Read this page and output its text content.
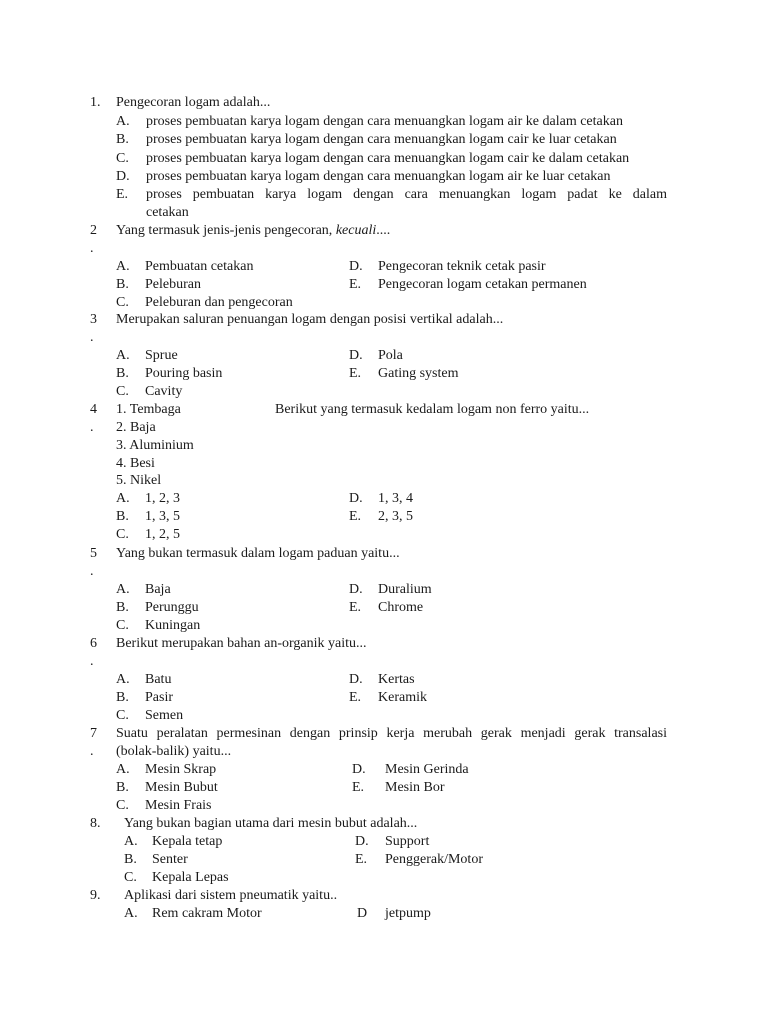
1. Pengecoran logam adalah...
A. proses pembuatan karya logam dengan cara menuangkan logam air ke dalam cetakan
B. proses pembuatan karya logam dengan cara menuangkan logam cair ke luar cetakan
C. proses pembuatan karya logam dengan cara menuangkan logam cair ke dalam cetakan
D. proses pembuatan karya logam dengan cara menuangkan logam air ke luar cetakan
E. proses pembuatan karya logam dengan cara menuangkan logam padat ke dalam
cetakan
2
.
Yang termasuk jenis-jenis pengecoran, kecuali....
A. Pembuatan cetakan
B. Peleburan
C. Peleburan dan pengecoran
D. Pengecoran teknik cetak pasir
E. Pengecoran logam cetakan permanen
3
.
Merupakan saluran penuangan logam dengan posisi vertikal adalah...
A. Sprue
B. Pouring basin
C. Cavity
D. Pola
E. Gating system
4
.
1. Tembaga
2. Baja
3. Aluminium
4. Besi
5. Nikel
Berikut yang termasuk kedalam logam non ferro yaitu...
A. 1, 2, 3
B. 1, 3, 5
C. 1, 2, 5
D. 1, 3, 4
E. 2, 3, 5
5
.
Yang bukan termasuk dalam logam paduan yaitu...
A. Baja
B. Perunggu
C. Kuningan
D. Duralium
E. Chrome
6
.
Berikut merupakan bahan an-organik yaitu...
A. Batu
B. Pasir
C. Semen
D. Kertas
E. Keramik
7
.
Suatu peralatan permesinan dengan prinsip kerja merubah gerak menjadi gerak transalasi
(bolak-balik) yaitu...
A. Mesin Skrap
B. Mesin Bubut
C. Mesin Frais
D. Mesin Gerinda
E. Mesin Bor
8. Yang bukan bagian utama dari mesin bubut adalah...
A. Kepala tetap
B. Senter
C. Kepala Lepas
D. Support
E. Penggerak/Motor
9. Aplikasi dari sistem pneumatik yaitu..
A. Rem cakram Motor	D jetpump
